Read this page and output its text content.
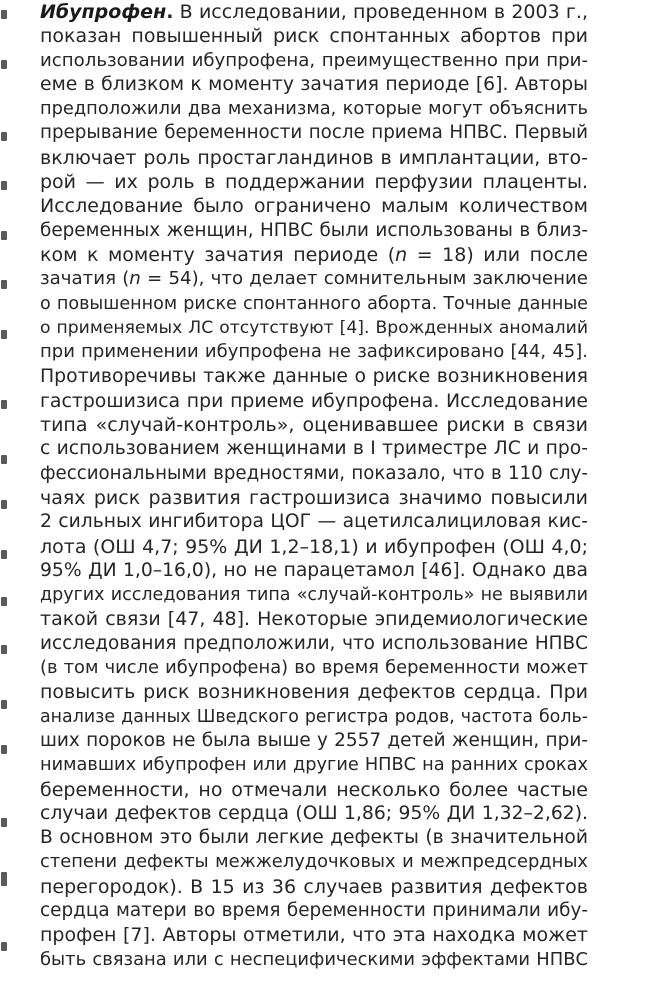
Ибупрофен. В исследовании, проведенном в 2003 г.,
показан повышенный риск спонтанных абортов при
использовании ибупрофена, преимущественно при при-
еме в близком к моменту зачатия периоде [6]. Авторы
предположили два механизма, которые могут объяснить
прерывание беременности после приема НПВС. Первый
включает роль простагландинов в имплантации, вто-
рой — их роль в поддержании перфузии плаценты.
Исследование было ограничено малым количеством
беременных женщин, НПВС были использованы в близ-
ком к моменту зачатия периоде (n = 18) или после
зачатия (n = 54), что делает сомнительным заключение
о повышенном риске спонтанного аборта. Точные данные
о применяемых ЛС отсутствуют [4]. Врожденных аномалий
при применении ибупрофена не зафиксировано [44, 45].
Противоречивы также данные о риске возникновения
гастрошизиса при приеме ибупрофена. Исследование
типа «случай-контроль», оценивавшее риски в связи
с использованием женщинами в I триместре ЛС и про-
фессиональными вредностями, показало, что в 110 слу-
чаях риск развития гастрошизиса значимо повысили
2 сильных ингибитора ЦОГ — ацетилсалициловая кис-
лота (ОШ 4,7; 95% ДИ 1,2–18,1) и ибупрофен (ОШ 4,0;
95% ДИ 1,0–16,0), но не парацетамол [46]. Однако два
других исследования типа «случай-контроль» не выявили
такой связи [47, 48]. Некоторые эпидемиологические
исследования предположили, что использование НПВС
(в том числе ибупрофена) во время беременности может
повысить риск возникновения дефектов сердца. При
анализе данных Шведского регистра родов, частота боль-
ших пороков не была выше у 2557 детей женщин, при-
нимавших ибупрофен или другие НПВС на ранних сроках
беременности, но отмечали несколько более частые
случаи дефектов сердца (ОШ 1,86; 95% ДИ 1,32–2,62).
В основном это были легкие дефекты (в значительной
степени дефекты межжелудочковых и межпредсердных
перегородок). В 15 из 36 случаев развития дефектов
сердца матери во время беременности принимали ибу-
профен [7]. Авторы отметили, что эта находка может
быть связана или с неспецифическими эффектами НПВС
